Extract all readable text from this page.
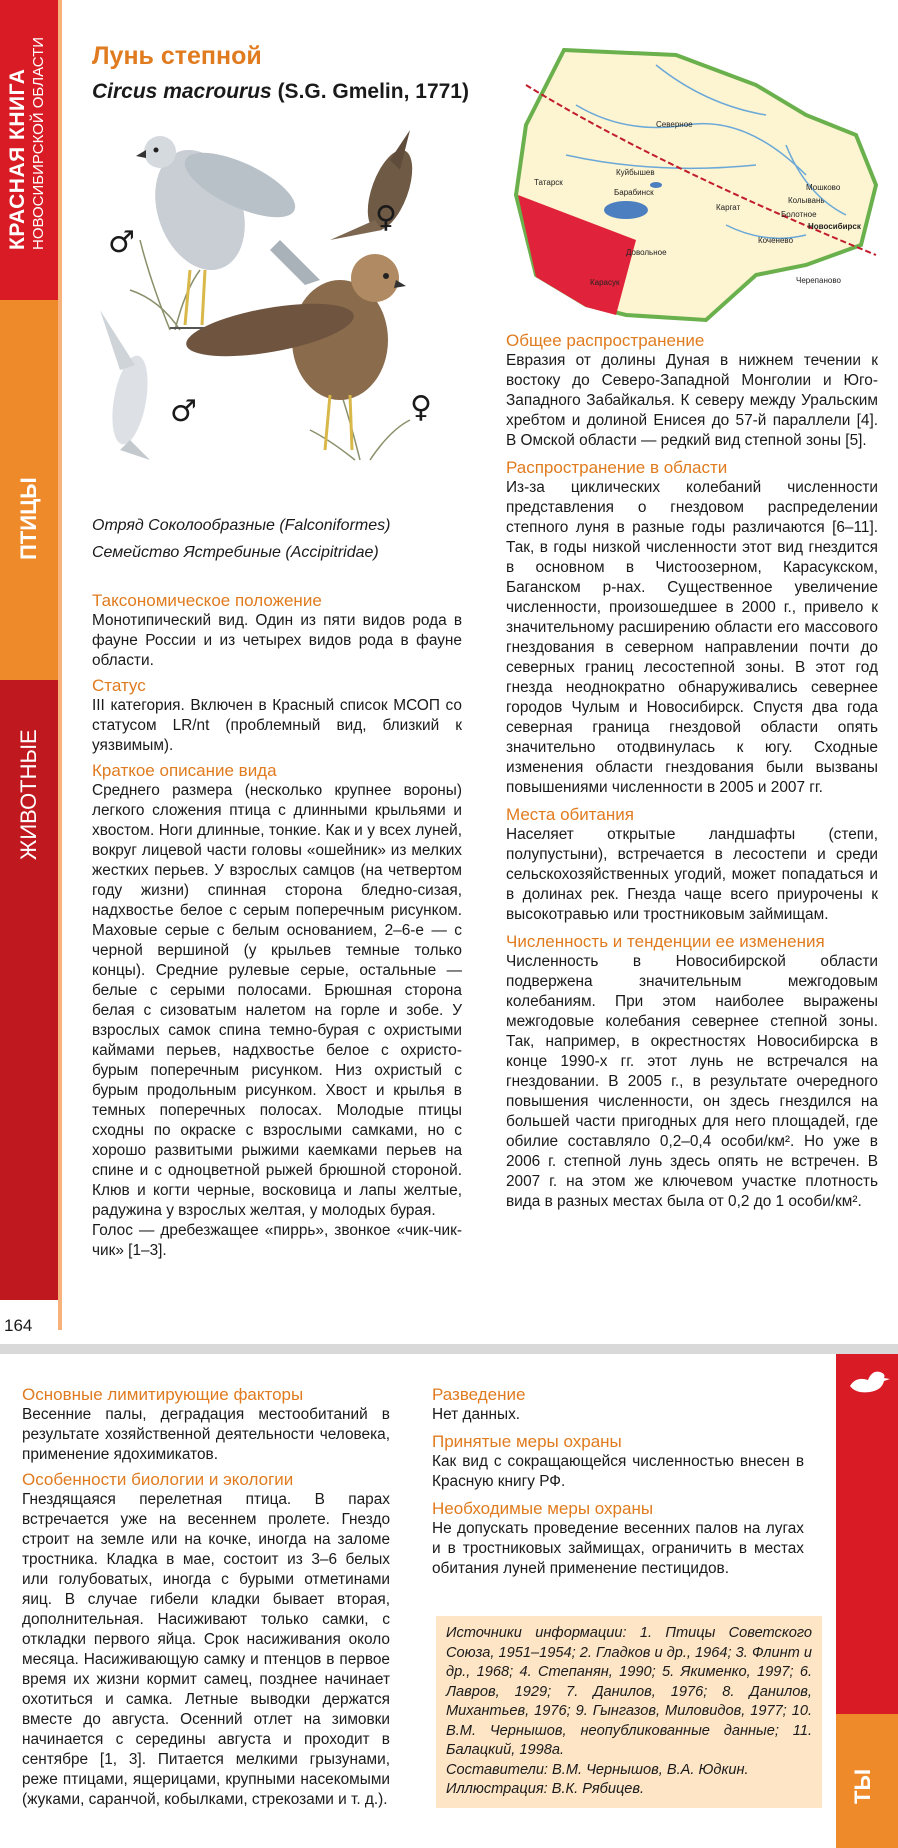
КРАСНАЯ КНИГА НОВОСИБИРСКОЙ ОБЛАСТИ
ПТИЦЫ
ЖИВОТНЫЕ
Лунь степной
Circus macrourus (S.G. Gmelin, 1771)
♂
♀
♂	♀
Северное
Татарск
Барабинск
Куйбышев
Каргат
Болотное
Мошково
Колывань
Новосибирск
Коченево
Довольное
Карасук	Черепаново

Отряд Соколообразные (Falconiformes)

Семейство Ястребиные (Accipitridae)

Таксономическое положение

Монотипический вид. Один из пяти видов рода в фауне России и из четырех видов рода в фауне области.

Статус

III категория. Включен в Красный список МСОП со статусом LR/nt (проблемный вид, близкий к уязвимым).

Краткое описание вида

Среднего размера (несколько крупнее вороны) легкого сложения птица с длинными крыльями и хвостом. Ноги длинные, тонкие. Как и у всех луней, вокруг лицевой части головы «ошейник» из мелких жестких перьев. У взрослых самцов (на четвертом году жизни) спинная сторона бледно-сизая, надхвостье белое с серым поперечным рисунком. Маховые серые с белым основанием, 2–6-е — с черной вершиной (у крыльев темные только концы). Средние рулевые серые, остальные — белые с серыми полосами. Брюшная сторона белая с сизоватым налетом на горле и зобе. У взрослых самок спина темно-бурая с охристыми каймами перьев, надхвостье белое с охристо-бурым поперечным рисунком. Низ охристый с бурым продольным рисунком. Хвост и крылья в темных поперечных полосах. Молодые птицы сходны по окраске с взрослыми самками, но с хорошо развитыми рыжими каемками перьев на спине и с одноцветной рыжей брюшной стороной. Клюв и когти черные, восковица и лапы желтые, радужина у взрослых желтая, у молодых бурая.

Голос — дребезжащее «пиррь», звонкое «чик-чик-чик» [1–3].

Общее распространение

Евразия от долины Дуная в нижнем течении к востоку до Северо-Западной Монголии и Юго-Западного Забайкалья. К северу между Уральским хребтом и долиной Енисея до 57-й параллели [4]. В Омской области — редкий вид степной зоны [5].

Распространение в области

Из-за циклических колебаний численности представления о гнездовом распределении степного луня в разные годы различаются [6–11]. Так, в годы низкой численности этот вид гнездится в основном в Чистоозерном, Карасукском, Баганском р-нах. Существенное увеличение численности, произошедшее в 2000 г., привело к значительному расширению области его массового гнездования в северном направлении почти до северных границ лесостепной зоны. В этот год гнезда неоднократно обнаруживались севернее городов Чулым и Новосибирск. Спустя два года северная граница гнездовой области опять значительно отодвинулась к югу. Сходные изменения области гнездования были вызваны повышениями численности в 2005 и 2007 гг.

Места обитания

Населяет открытые ландшафты (степи, полупустыни), встречается в лесостепи и среди сельскохозяйственных угодий, может попадаться и в долинах рек. Гнезда чаще всего приурочены к высокотравью или тростниковым займищам.

Численность и тенденции ее изменения

Численность в Новосибирской области подвержена значительным межгодовым колебаниям. При этом наиболее выражены межгодовые колебания севернее степной зоны. Так, например, в окрестностях Новосибирска в конце 1990-х гг. этот лунь не встречался на гнездовании. В 2005 г., в результате очередного повышения численности, он здесь гнездился на большей части пригодных для него площадей, где обилие составляло 0,2–0,4 особи/км². Но уже в 2006 г. степной лунь здесь опять не встречен. В 2007 г. на этом же ключевом участке плотность вида в разных местах была от 0,2 до 1 особи/км².

164
ТЫ
Основные лимитирующие факторы

Весенние палы, деградация местообитаний в результате хозяйственной деятельности человека, применение ядохимикатов.

Особенности биологии и экологии

Гнездящаяся перелетная птица. В парах встречается уже на весеннем пролете. Гнездо строит на земле или на кочке, иногда на заломе тростника. Кладка в мае, состоит из 3–6 белых или голубоватых, иногда с бурыми отметинами яиц. В случае гибели кладки бывает вторая, дополнительная. Насиживают только самки, с откладки первого яйца. Срок насиживания около месяца. Насиживающую самку и птенцов в первое время их жизни кормит самец, позднее начинает охотиться и самка. Летные выводки держатся вместе до августа. Осенний отлет на зимовки начинается с середины августа и проходит в сентябре [1, 3]. Питается мелкими грызунами, реже птицами, ящерицами, крупными насекомыми (жуками, саранчой, кобылками, стрекозами и т. д.).

Разведение

Нет данных.

Принятые меры охраны

Как вид с сокращающейся численностью внесен в Красную книгу РФ.

Необходимые меры охраны

Не допускать проведение весенних палов на лугах и в тростниковых займищах, ограничить в местах обитания луней применение пестицидов.

Источники информации: 1. Птицы Советского Союза, 1951–1954; 2. Гладков и др., 1964; 3. Флинт и др., 1968; 4. Степанян, 1990; 5. Якименко, 1997; 6. Лавров, 1929; 7. Данилов, 1976; 8. Данилов, Михантьев, 1976; 9. Гынгазов, Миловидов, 1977; 10. В.М. Чернышов, неопубликованные данные; 11. Балацкий, 1998а.
Составители: В.М. Чернышов, В.А. Юдкин.
Иллюстрация: В.К. Рябицев.
